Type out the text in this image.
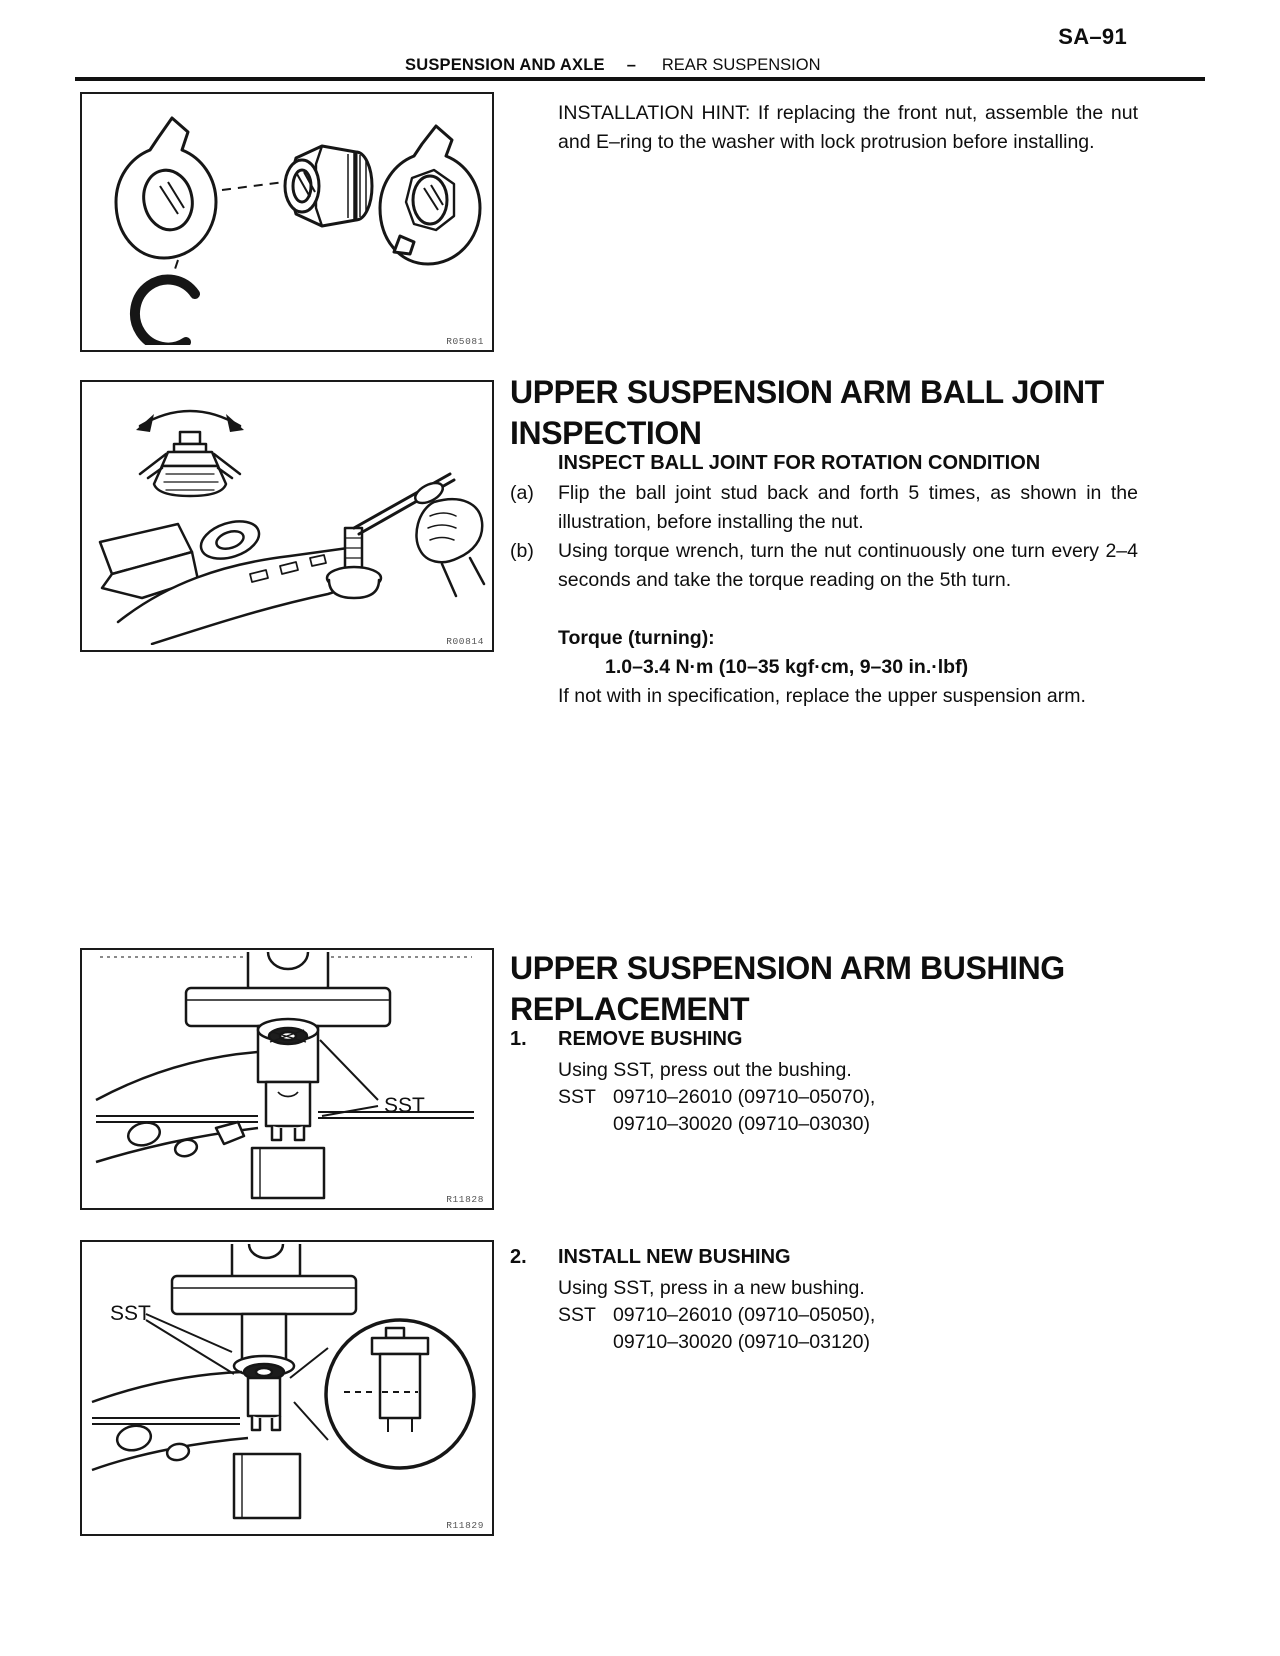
SA–91
SUSPENSION AND AXLE – REAR SUSPENSION
R05081
INSTALLATION HINT: If replacing the front nut, assemble the nut and E–ring to the washer with lock protrusion before installing.
R00814
UPPER SUSPENSION ARM BALL JOINT
INSPECTION
INSPECT BALL JOINT FOR ROTATION CONDITION
(a) Flip the ball joint stud back and forth 5 times, as shown in the illustration, before installing the nut.
(b) Using torque wrench, turn the nut continuously one turn every 2–4 seconds and take the torque reading on the 5th turn.
Torque (turning):
1.0–3.4 N·m (10–35 kgf·cm, 9–30 in.·lbf)
If not with in specification, replace the upper suspension arm.
SST
R11828
UPPER SUSPENSION ARM BUSHING
REPLACEMENT
1. REMOVE BUSHING
Using SST, press out the bushing.
SST 09710–26010 (09710–05070),
09710–30020 (09710–03030)
SST
R11829
2. INSTALL NEW BUSHING
Using SST, press in a new bushing.
SST 09710–26010 (09710–05050),
09710–30020 (09710–03120)
